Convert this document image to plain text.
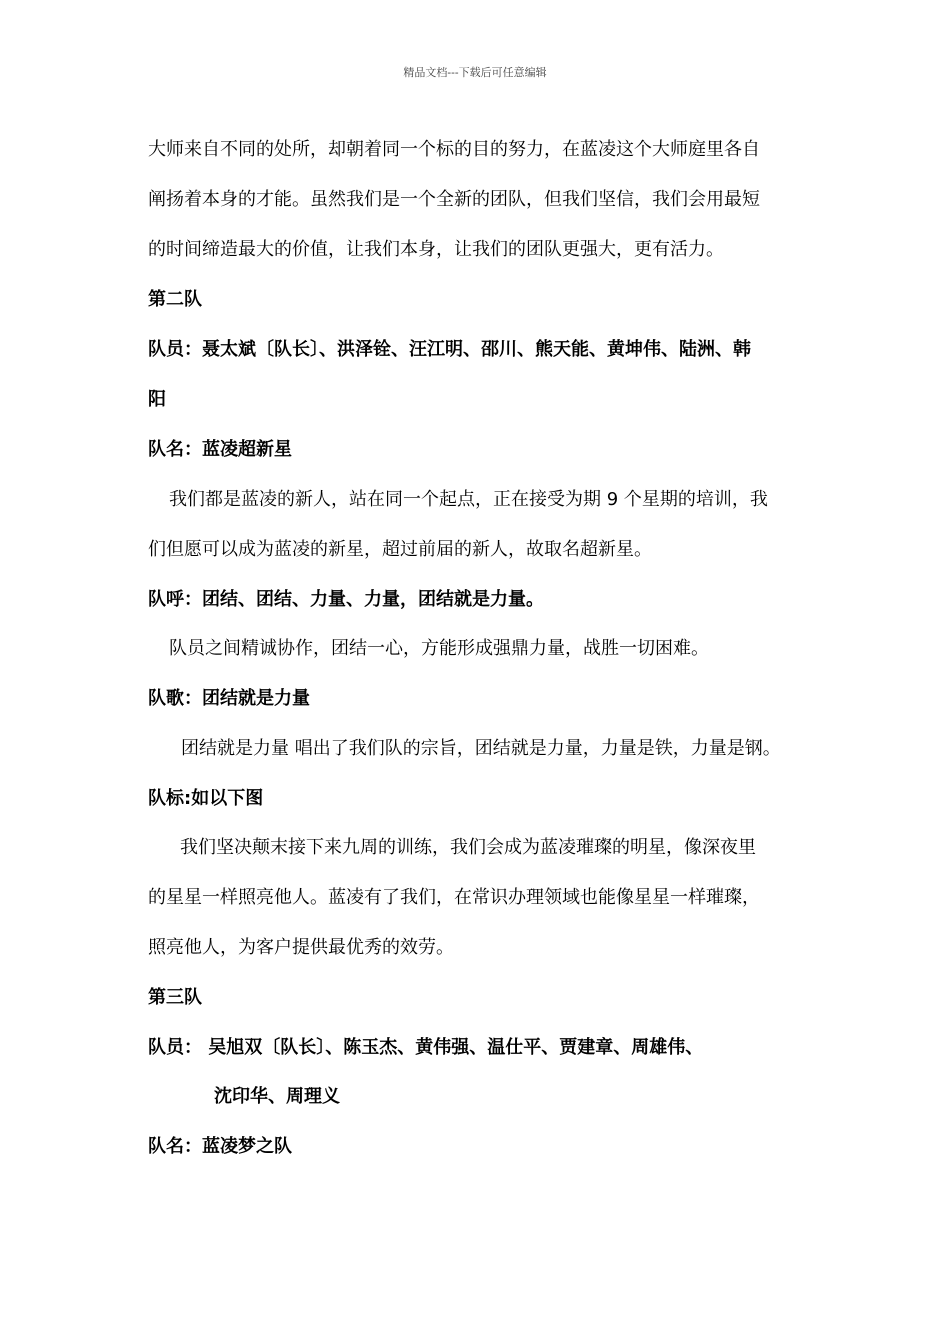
精品文档---下载后可任意编辑
大师来自不同的处所，却朝着同一个标的目的努力，在蓝凌这个大师庭里各自
阐扬着本身的才能。虽然我们是一个全新的团队，但我们坚信，我们会用最短
的时间缔造最大的价值，让我们本身，让我们的团队更强大，更有活力。
第二队
队员：聂太斌〔队长〕、洪泽铨、汪江明、邵川、熊天能、黄坤伟、陆洲、韩
阳
队名：蓝凌超新星
我们都是蓝凌的新人，站在同一个起点，正在接受为期 9 个星期的培训，我
们但愿可以成为蓝凌的新星，超过前届的新人，故取名超新星。
队呼：团结、团结、力量、力量，团结就是力量。
队员之间精诚协作，团结一心，方能形成强鼎力量，战胜一切困难。
队歌：团结就是力量
团结就是力量 唱出了我们队的宗旨，团结就是力量，力量是铁，力量是钢。
队标:如以下图
我们坚决颠末接下来九周的训练，我们会成为蓝凌璀璨的明星，像深夜里
的星星一样照亮他人。蓝凌有了我们，在常识办理领域也能像星星一样璀璨，
照亮他人，为客户提供最优秀的效劳。
第三队
队员： 吴旭双〔队长〕、陈玉杰、黄伟强、温仕平、贾建章、周雄伟、
沈印华、周理义
队名：蓝凌梦之队
